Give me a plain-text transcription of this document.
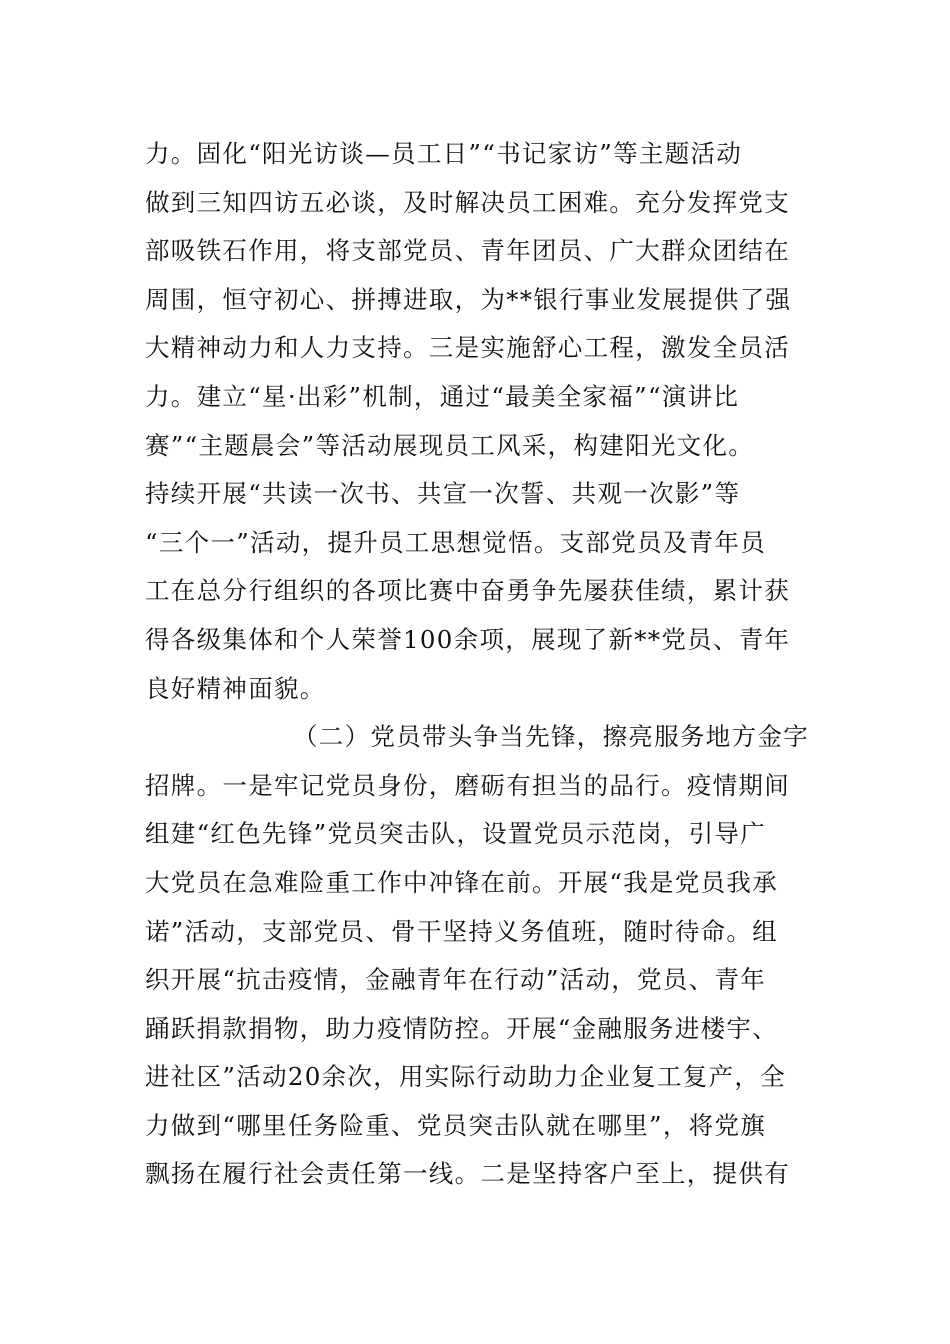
力。固化“阳光访谈—员工日”“书记家访”等主题活动
做到三知四访五必谈，及时解决员工困难。充分发挥党支
部吸铁石作用，将支部党员、青年团员、广大群众团结在
周围，恒守初心、拼搏进取，为**银行事业发展提供了强
大精神动力和人力支持。三是实施舒心工程，激发全员活
力。建立“星·出彩”机制，通过“最美全家福”“演讲比
赛”“主题晨会”等活动展现员工风采，构建阳光文化。
持续开展“共读一次书、共宣一次誓、共观一次影”等
“三个一”活动，提升员工思想觉悟。支部党员及青年员
工在总分行组织的各项比赛中奋勇争先屡获佳绩，累计获
得各级集体和个人荣誉100余项，展现了新**党员、青年
良好精神面貌。
（二）党员带头争当先锋，擦亮服务地方金字
招牌。一是牢记党员身份，磨砺有担当的品行。疫情期间
组建“红色先锋”党员突击队，设置党员示范岗，引导广
大党员在急难险重工作中冲锋在前。开展“我是党员我承
诺”活动，支部党员、骨干坚持义务值班，随时待命。组
织开展“抗击疫情，金融青年在行动”活动，党员、青年
踊跃捐款捐物，助力疫情防控。开展“金融服务进楼宇、
进社区”活动20余次，用实际行动助力企业复工复产，全
力做到“哪里任务险重、党员突击队就在哪里”，将党旗
飘扬在履行社会责任第一线。二是坚持客户至上，提供有
